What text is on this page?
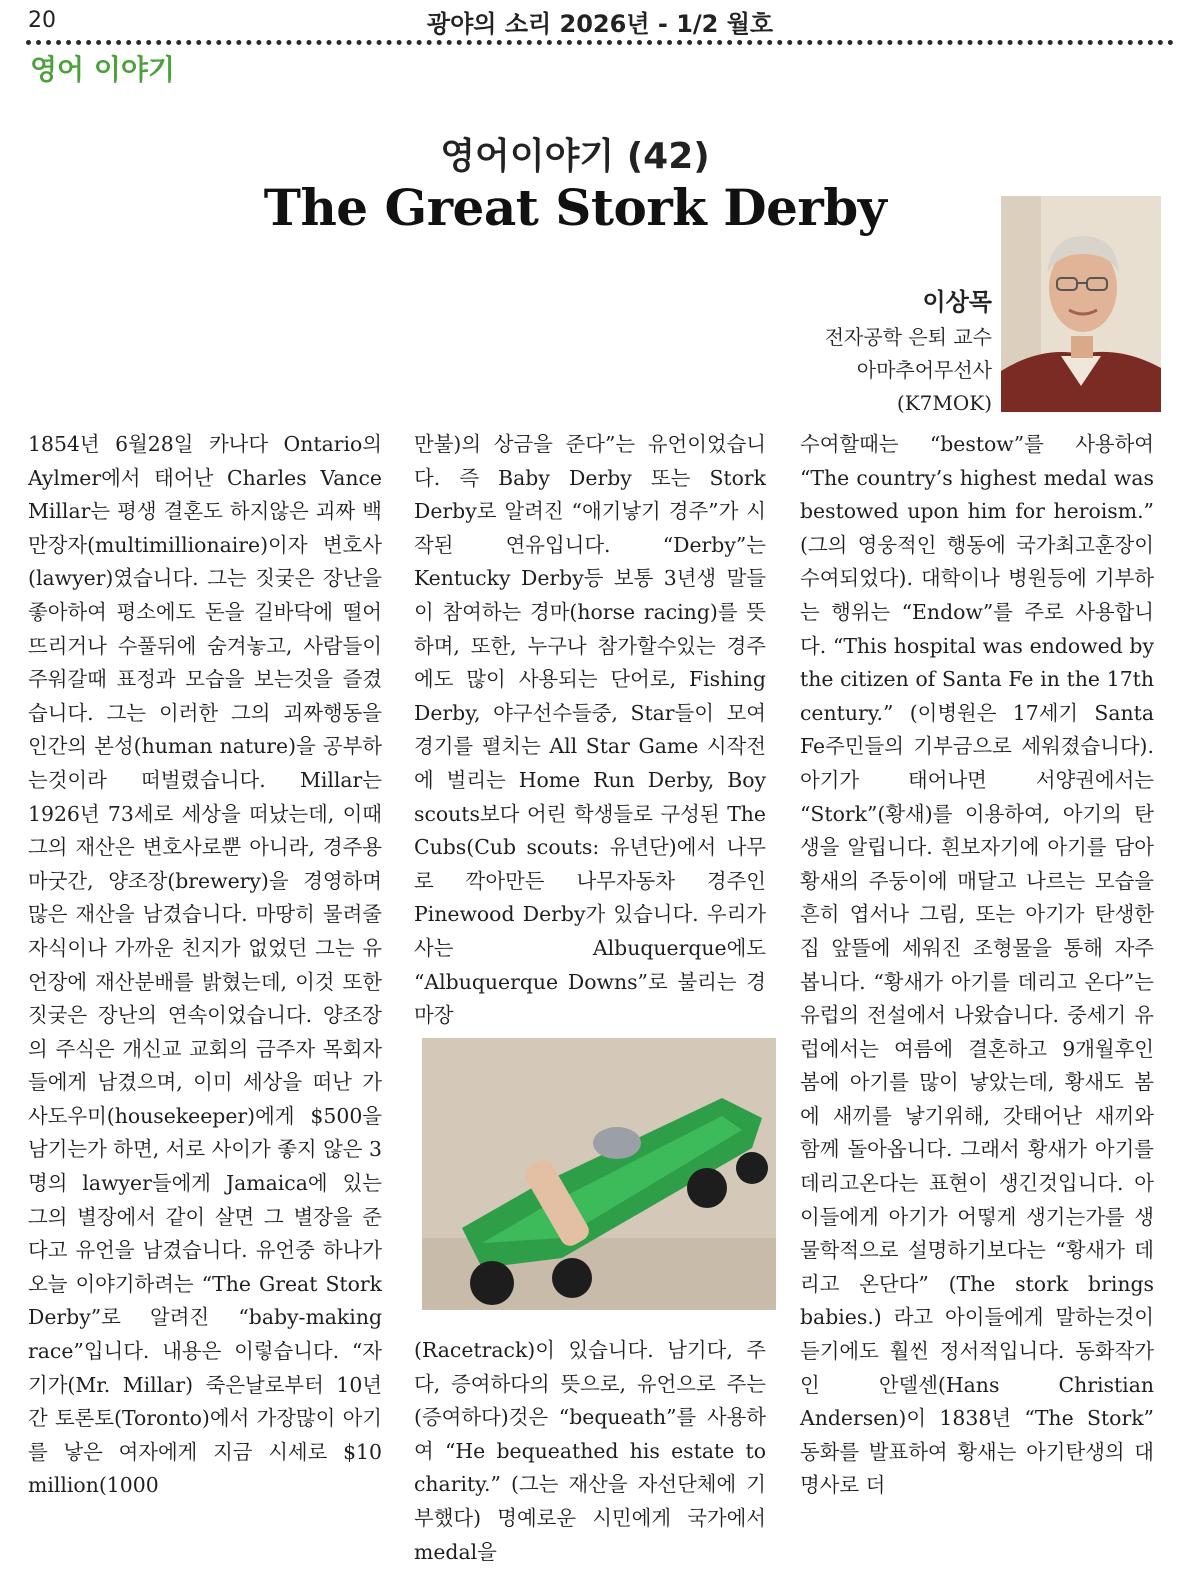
20	광야의 소리 2026년 - 1/2 월호
영어 이야기
영어이야기 (42)
The Great Stork Derby
이상목
전자공학 은퇴 교수
아마추어무선사
(K7MOK)

1854년 6월28일 카나다 Ontario의 Aylmer에서 태어난 Charles Vance Millar는 평생 결혼도 하지않은 괴짜 백만장자(multimillionaire)이자 변호사(lawyer)였습니다. 그는 짓궂은 장난을 좋아하여 평소에도 돈을 길바닥에 떨어뜨리거나 수풀뒤에 숨겨놓고, 사람들이 주워갈때 표정과 모습을 보는것을 즐겼습니다. 그는 이러한 그의 괴짜행동을 인간의 본성(human nature)을 공부하는것이라 떠벌렸습니다. Millar는 1926년 73세로 세상을 떠났는데, 이때 그의 재산은 변호사로뿐 아니라, 경주용 마굿간, 양조장(brewery)을 경영하며 많은 재산을 남겼습니다. 마땅히 물려줄 자식이나 가까운 친지가 없었던 그는 유언장에 재산분배를 밝혔는데, 이것 또한 짓궂은 장난의 연속이었습니다. 양조장의 주식은 개신교 교회의 금주자 목회자들에게 남겼으며, 이미 세상을 떠난 가사도우미(housekeeper)에게 $500을 남기는가 하면, 서로 사이가 좋지 않은 3명의 lawyer들에게 Jamaica에 있는 그의 별장에서 같이 살면 그 별장을 준다고 유언을 남겼습니다. 유언중 하나가 오늘 이야기하려는 “The Great Stork Derby”로 알려진 “baby-making race”입니다. 내용은 이렇습니다. “자기가(Mr. Millar) 죽은날로부터 10년간 토론토(Toronto)에서 가장많이 아기를 낳은 여자에게 지금 시세로 $10 million(1000

만불)의 상금을 준다”는 유언이었습니다. 즉 Baby Derby 또는 Stork Derby로 알려진 “애기낳기 경주”가 시작된 연유입니다. “Derby”는 Kentucky Derby등 보통 3년생 말들이 참여하는 경마(horse racing)를 뜻하며, 또한, 누구나 참가할수있는 경주에도 많이 사용되는 단어로, Fishing Derby, 야구선수들중, Star들이 모여 경기를 펼치는 All Star Game 시작전에 벌리는 Home Run Derby, Boy scouts보다 어린 학생들로 구성된 The Cubs(Cub scouts: 유년단)에서 나무로 깍아만든 나무자동차 경주인 Pinewood Derby가 있습니다. 우리가 사는 Albuquerque에도 “Albuquerque Downs”로 불리는 경마장

(Racetrack)이 있습니다. 남기다, 주다, 증여하다의 뜻으로, 유언으로 주는(증여하다)것은 “bequeath”를 사용하여 “He bequeathed his estate to charity.” (그는 재산을 자선단체에 기부했다) 명예로운 시민에게 국가에서 medal을

수여할때는 “bestow”를 사용하여 “The country’s highest medal was bestowed upon him for heroism.” (그의 영웅적인 행동에 국가최고훈장이 수여되었다). 대학이나 병원등에 기부하는 행위는 “Endow”를 주로 사용합니다. “This hospital was endowed by the citizen of Santa Fe in the 17th century.” (이병원은 17세기 Santa Fe주민들의 기부금으로 세워졌습니다). 아기가 태어나면 서양권에서는 “Stork”(황새)를 이용하여, 아기의 탄생을 알립니다. 흰보자기에 아기를 담아 황새의 주둥이에 매달고 나르는 모습을 흔히 엽서나 그림, 또는 아기가 탄생한 집 앞뜰에 세워진 조형물을 통해 자주 봅니다. “황새가 아기를 데리고 온다”는 유럽의 전설에서 나왔습니다. 중세기 유럽에서는 여름에 결혼하고 9개월후인 봄에 아기를 많이 낳았는데, 황새도 봄에 새끼를 낳기위해, 갓태어난 새끼와 함께 돌아옵니다. 그래서 황새가 아기를 데리고온다는 표현이 생긴것입니다. 아이들에게 아기가 어떻게 생기는가를 생물학적으로 설명하기보다는 “황새가 데리고 온단다” (The stork brings babies.) 라고 아이들에게 말하는것이 듣기에도 훨씬 정서적입니다. 동화작가인 안델센(Hans Christian Andersen)이 1838년 “The Stork” 동화를 발표하여 황새는 아기탄생의 대명사로 더
